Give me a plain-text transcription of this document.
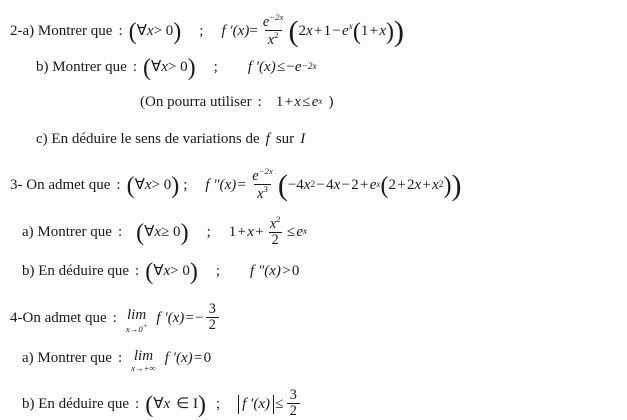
2-a) Montrer que : ( ∀ x > 0 ) ; f ′( x ) = $\frac{e^{-2x}}{x^2}$ ( 2x + 1 − $e^x$ ( 1 +  x ) )
b) Montrer que : ( ∀ x > 0 ) ; f ′( x )  ≤  − e −2x
(On pourra utiliser : 1 +  x  ≤  e x )
c) En déduire le sens de variations de f sur I
3- On admet que : ( ∀ x > 0 ) ; f ″( x )  =  $\frac{e^{-2x}}{x^3}$ ( −4 x 2  − 4 x  − 2 +  e x ( 2 + 2 x  +  x 2 ) )
a) Montrer que : ( ∀ x ≥ 0 ) ; 1 +  x  +  $\frac{x^2}{2}$  ≤  e x
b) En déduire que : ( ∀ x > 0 ) ; f ″( x )  > 0
4-On admet que : lim
x→0+ f ′( x )  = − $\frac{3}{2}$
a) Montrer que : lim
x→+∞
f ′( x )  = 0
b) En déduire que : ( ∀ x ∈ I ) ; f ′(x)  ≤  $\frac{3}{2}$
